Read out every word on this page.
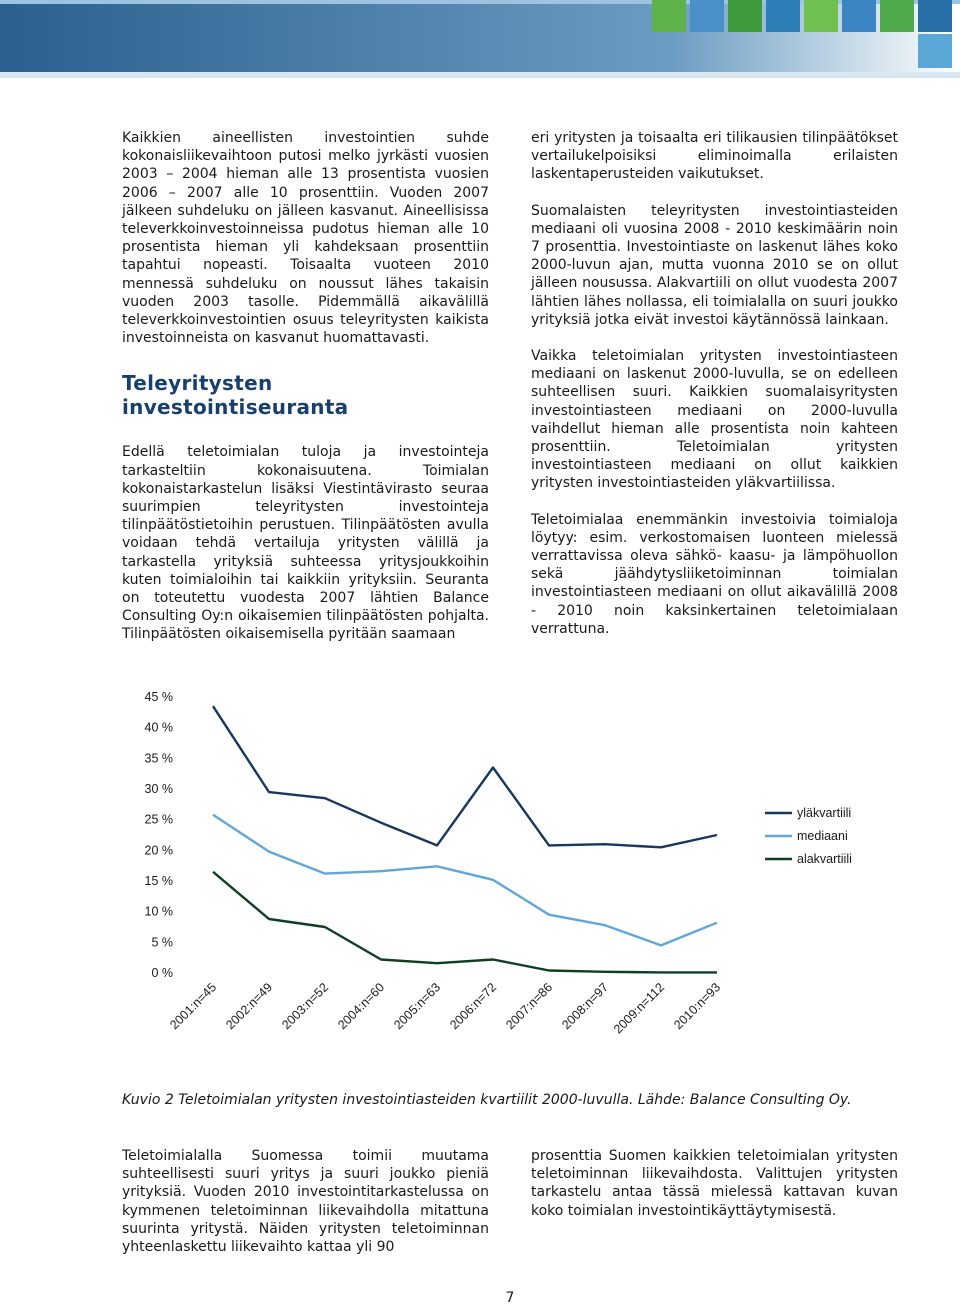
Kaikkien aineellisten investointien suhde kokonaisliikevaihtoon putosi melko jyrkästi vuosien 2003 – 2004 hieman alle 13 prosentista vuosien 2006 – 2007 alle 10 prosenttiin. Vuoden 2007 jälkeen suhdeluku on jälleen kasvanut. Aineellisissa televerkkoinvestoinneissa pudotus hieman alle 10 prosentista hieman yli kahdeksaan prosenttiin tapahtui nopeasti. Toisaalta vuoteen 2010 mennessä suhdeluku on noussut lähes takaisin vuoden 2003 tasolle. Pidemmällä aikavälillä televerkkoinvestointien osuus teleyritysten kaikista investoinneista on kasvanut huomattavasti.

Teleyritysten investointiseuranta

Edellä teletoimialan tuloja ja investointeja tarkasteltiin kokonaisuutena. Toimialan kokonaistarkastelun lisäksi Viestintävirasto seuraa suurimpien teleyritysten investointeja tilinpäätöstietoihin perustuen. Tilinpäätösten avulla voidaan tehdä vertailuja yritysten välillä ja tarkastella yrityksiä suhteessa yritysjoukkoihin kuten toimialoihin tai kaikkiin yrityksiin. Seuranta on toteutettu vuodesta 2007 lähtien Balance Consulting Oy:n oikaisemien tilinpäätösten pohjalta. Tilinpäätösten oikaisemisella pyritään saamaan

eri yritysten ja toisaalta eri tilikausien tilinpäätökset vertailukelpoisiksi eliminoimalla erilaisten laskentaperusteiden vaikutukset.

Suomalaisten teleyritysten investointiasteiden mediaani oli vuosina 2008 - 2010 keskimäärin noin 7 prosenttia. Investointiaste on laskenut lähes koko 2000-luvun ajan, mutta vuonna 2010 se on ollut jälleen nousussa. Alakvartiili on ollut vuodesta 2007 lähtien lähes nollassa, eli toimialalla on suuri joukko yrityksiä jotka eivät investoi käytännössä lainkaan.

Vaikka teletoimialan yritysten investointiasteen mediaani on laskenut 2000-luvulla, se on edelleen suhteellisen suuri. Kaikkien suomalaisyritysten investointiasteen mediaani on 2000-luvulla vaihdellut hieman alle prosentista noin kahteen prosenttiin. Teletoimialan yritysten investointiasteen mediaani on ollut kaikkien yritysten investointiasteiden yläkvartiilissa.

Teletoimialaa enemmänkin investoivia toimialoja löytyy: esim. verkostomaisen luonteen mielessä verrattavissa oleva sähkö- kaasu- ja lämpöhuollon sekä jäähdytysliiketoiminnan toimialan investointiasteen mediaani on ollut aikavälillä 2008 - 2010 noin kaksinkertainen teletoimialaan verrattuna.

45 %
40 %
35 %
30 %
25 %
20 %
15 %
10 %
5 %
0 %
2001:n=45 2002:n=49 2003:n=52 2004:n=60 2005:n=63 2006:n=72 2007:n=86 2008:n=97 2009:n=112 2010:n=93
yläkvartiili
mediaani
alakvartiili
Kuvio 2 Teletoimialan yritysten investointiasteiden kvartiilit 2000-luvulla. Lähde: Balance Consulting Oy.
Teletoimialalla Suomessa toimii muutama suhteellisesti suuri yritys ja suuri joukko pieniä yrityksiä. Vuoden 2010 investointitarkastelussa on kymmenen teletoiminnan liikevaihdolla mitattuna suurinta yritystä. Näiden yritysten teletoiminnan yhteenlaskettu liikevaihto kattaa yli 90
prosenttia Suomen kaikkien teletoimialan yritysten teletoiminnan liikevaihdosta. Valittujen yritysten tarkastelu antaa tässä mielessä kattavan kuvan koko toimialan investointikäyttäytymisestä.
7
